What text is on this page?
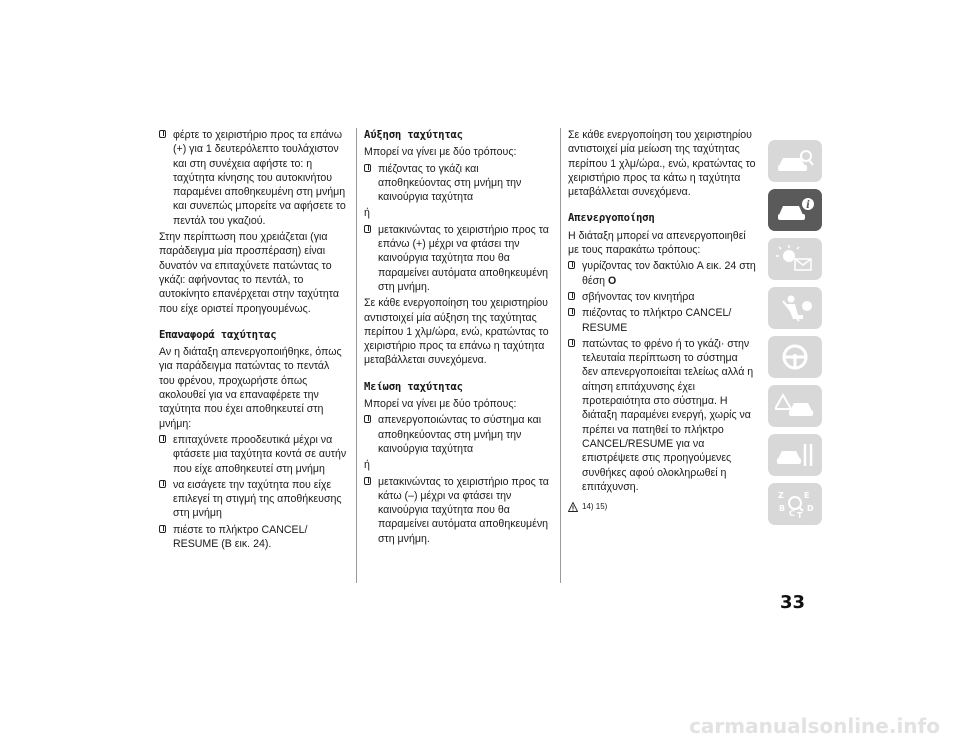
φέρτε το χειριστήριο προς τα επάνω (+) για 1 δευτερόλεπτο τουλάχιστον και στη συνέχεια αφήστε το: η ταχύτητα κίνησης του αυτοκινήτου παραμένει αποθηκευμένη στη μνήμη και συνεπώς μπορείτε να αφήσετε το πεντάλ του γκαζιού.

Στην περίπτωση που χρειάζεται (για παράδειγμα μία προσπέραση) είναι δυνατόν να επιταχύνετε πατώντας το γκάζι: αφήνοντας το πεντάλ, το αυτοκίνητο επανέρχεται στην ταχύτητα που είχε οριστεί προηγουμένως.

Επαναφορά ταχύτητας

Αν η διάταξη απενεργοποιήθηκε, όπως για παράδειγμα πατώντας το πεντάλ του φρένου, προχωρήστε όπως ακολουθεί για να επαναφέρετε την ταχύτητα που έχει αποθηκευτεί στη μνήμη:

επιταχύνετε προοδευτικά μέχρι να φτάσετε μια ταχύτητα κοντά σε αυτήν που είχε αποθηκευτεί στη μνήμη
να εισάγετε την ταχύτητα που είχε επιλεγεί τη στιγμή της αποθήκευσης στη μνήμη
πιέστε το πλήκτρο CANCEL/ RESUME (B εικ. 24).
Αύξηση ταχύτητας

Μπορεί να γίνει με δύο τρόπους:

πιέζοντας το γκάζι και αποθηκεύοντας στη μνήμη την καινούργια ταχύτητα
ή
μετακινώντας το χειριστήριο προς τα επάνω (+) μέχρι να φτάσει την καινούργια ταχύτητα που θα παραμείνει αυτόματα αποθηκευμένη στη μνήμη.

Σε κάθε ενεργοποίηση του χειριστηρίου αντιστοιχεί μία αύξηση της ταχύτητας περίπου 1 χλμ/ώρα, ενώ, κρατώντας το χειριστήριο προς τα επάνω η ταχύτητα μεταβάλλεται συνεχόμενα.

Μείωση ταχύτητας

Μπορεί να γίνει με δύο τρόπους:

απενεργοποιώντας το σύστημα και αποθηκεύοντας στη μνήμη την καινούργια ταχύτητα
ή
μετακινώντας το χειριστήριο προς τα κάτω (–) μέχρι να φτάσει την καινούργια ταχύτητα που θα παραμείνει αυτόματα αποθηκευμένη στη μνήμη.

Σε κάθε ενεργοποίηση του χειριστηρίου αντιστοιχεί μία μείωση της ταχύτητας περίπου 1 χλμ/ώρα., ενώ, κρατώντας το χειριστήριο προς τα κάτω η ταχύτητα μεταβάλλεται συνεχόμενα.

Απενεργοποίηση

Η διάταξη μπορεί να απενεργοποιηθεί με τους παρακάτω τρόπους:

γυρίζοντας τον δακτύλιο A εικ. 24 στη θέση O
σβήνοντας τον κινητήρα
πιέζοντας το πλήκτρο CANCEL/ RESUME
πατώντας το φρένο ή το γκάζι· στην τελευταία περίπτωση το σύστημα δεν απενεργοποιείται τελείως αλλά η αίτηση επιτάχυνσης έχει προτεραιότητα στο σύστημα. Η διάταξη παραμένει ενεργή, χωρίς να πρέπει να πατηθεί το πλήκτρο CANCEL/RESUME για να επιστρέψετε στις προηγούμενες συνθήκες αφού ολοκληρωθεί η επιτάχυνση.
14) 15)
i
Z	E
B
C
D
T
33
carmanualsonline.info
